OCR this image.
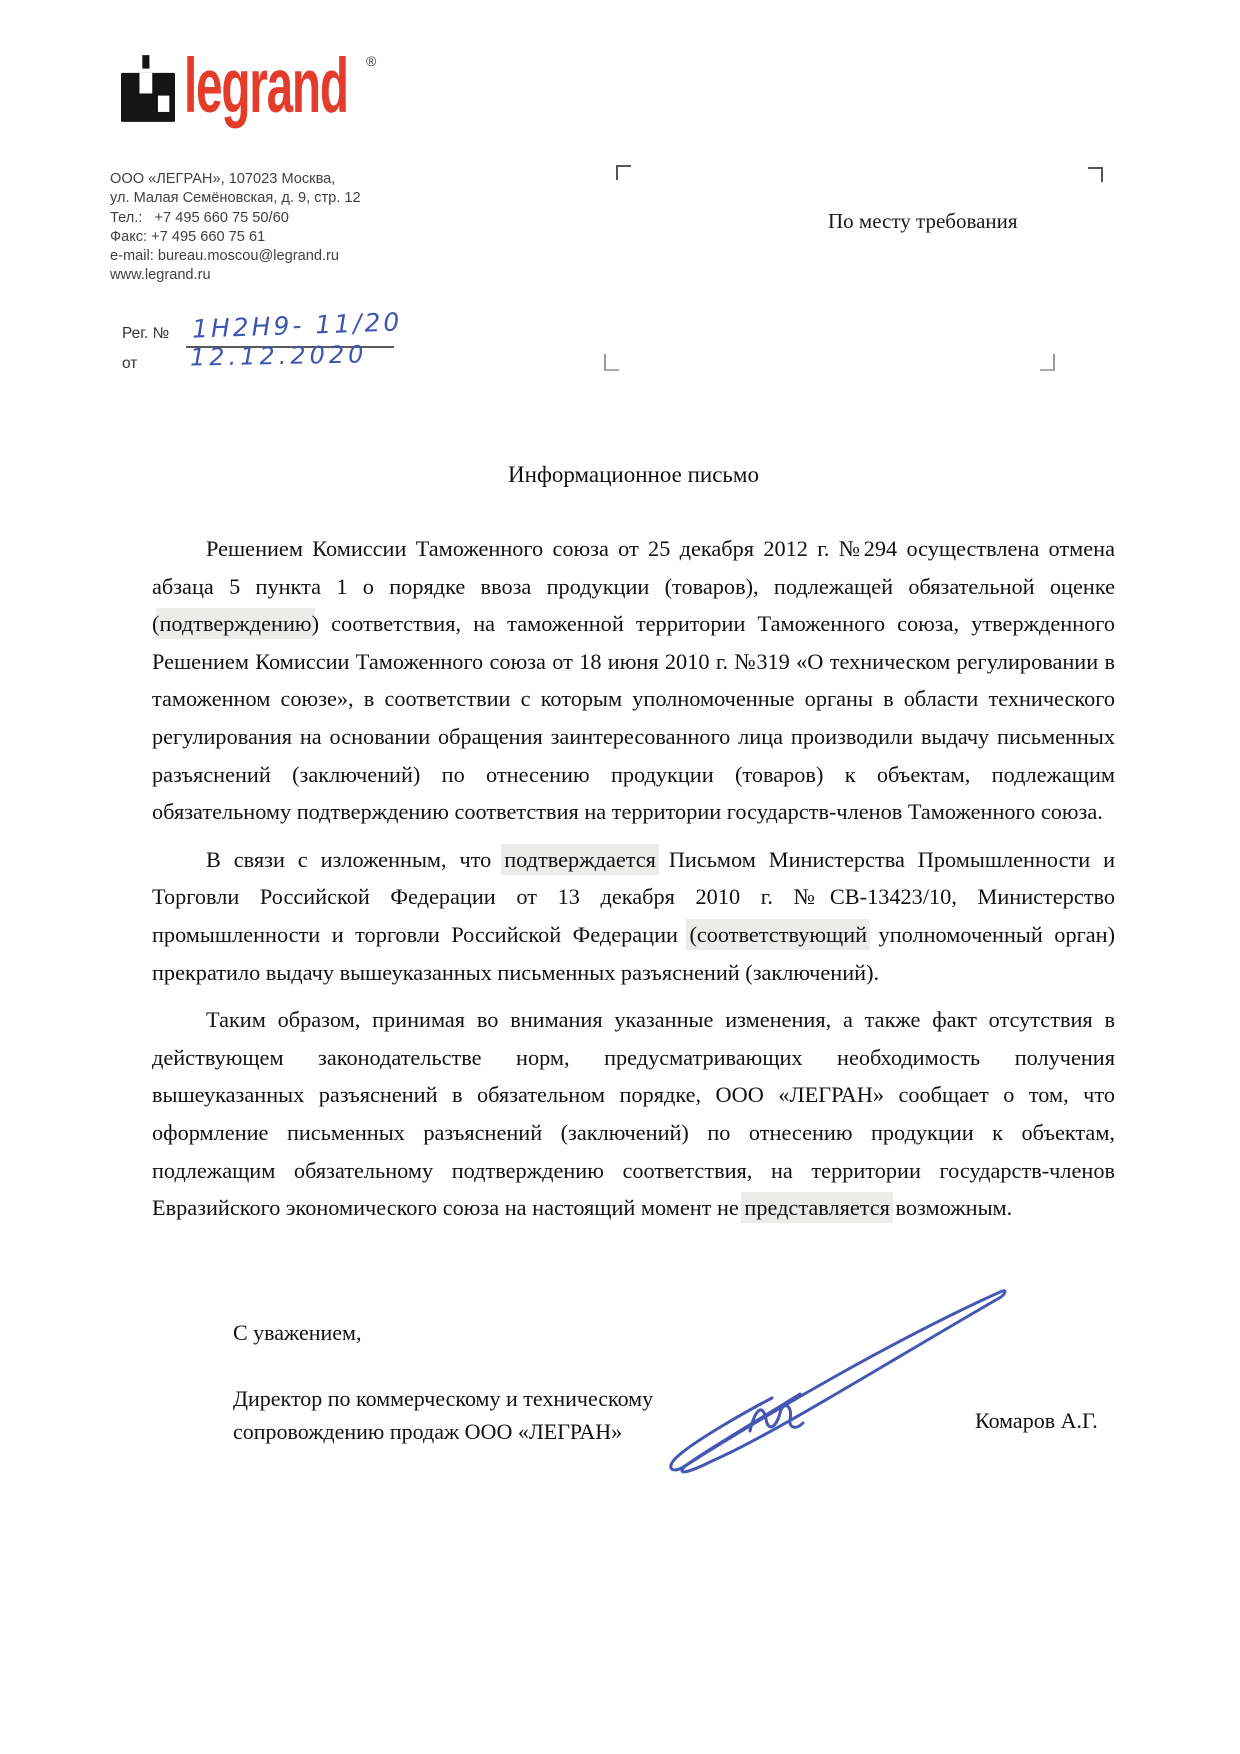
legrand ®
ООО «ЛЕГРАН», 107023 Москва,
ул. Малая Семёновская, д. 9, стр. 12
Тел.:   +7 495 660 75 50/60
Факс: +7 495 660 75 61
e-mail: bureau.moscou@legrand.ru
www.legrand.ru
Рег. № 1Н2Н9- 11/20
от 12.12.2020
По месту требования
Информационное письмо

Решением Комиссии Таможенного союза от 25 декабря 2012 г. №294 осуществлена отмена абзаца 5 пункта 1 о порядке ввоза продукции (товаров), подлежащей обязательной оценке (подтверждению) соответствия, на таможенной территории Таможенного союза, утвержденного Решением Комиссии Таможенного союза от 18 июня 2010 г. №319 «О техническом регулировании в таможенном союзе», в соответствии с которым уполномоченные органы в области технического регулирования на основании обращения заинтересованного лица производили выдачу письменных разъяснений (заключений) по отнесению продукции (товаров) к объектам, подлежащим обязательному подтверждению соответствия на территории государств-членов Таможенного союза.

В связи с изложенным, что подтверждается Письмом Министерства Промышленности и Торговли Российской Федерации от 13 декабря 2010 г. №СВ-13423/10, Министерство промышленности и торговли Российской Федерации (соответствующий уполномоченный орган) прекратило выдачу вышеуказанных письменных разъяснений (заключений).

Таким образом, принимая во внимания указанные изменения, а также факт отсутствия в действующем законодательстве норм, предусматривающих необходимость получения вышеуказанных разъяснений в обязательном порядке, ООО «ЛЕГРАН» сообщает о том, что оформление письменных разъяснений (заключений) по отнесению продукции к объектам, подлежащим обязательному подтверждению соответствия, на территории государств-членов Евразийского экономического союза на настоящий момент не представляется возможным.

С уважением,
Директор по коммерческому и техническому сопровождению продаж ООО «ЛЕГРАН»	Комаров А.Г.
